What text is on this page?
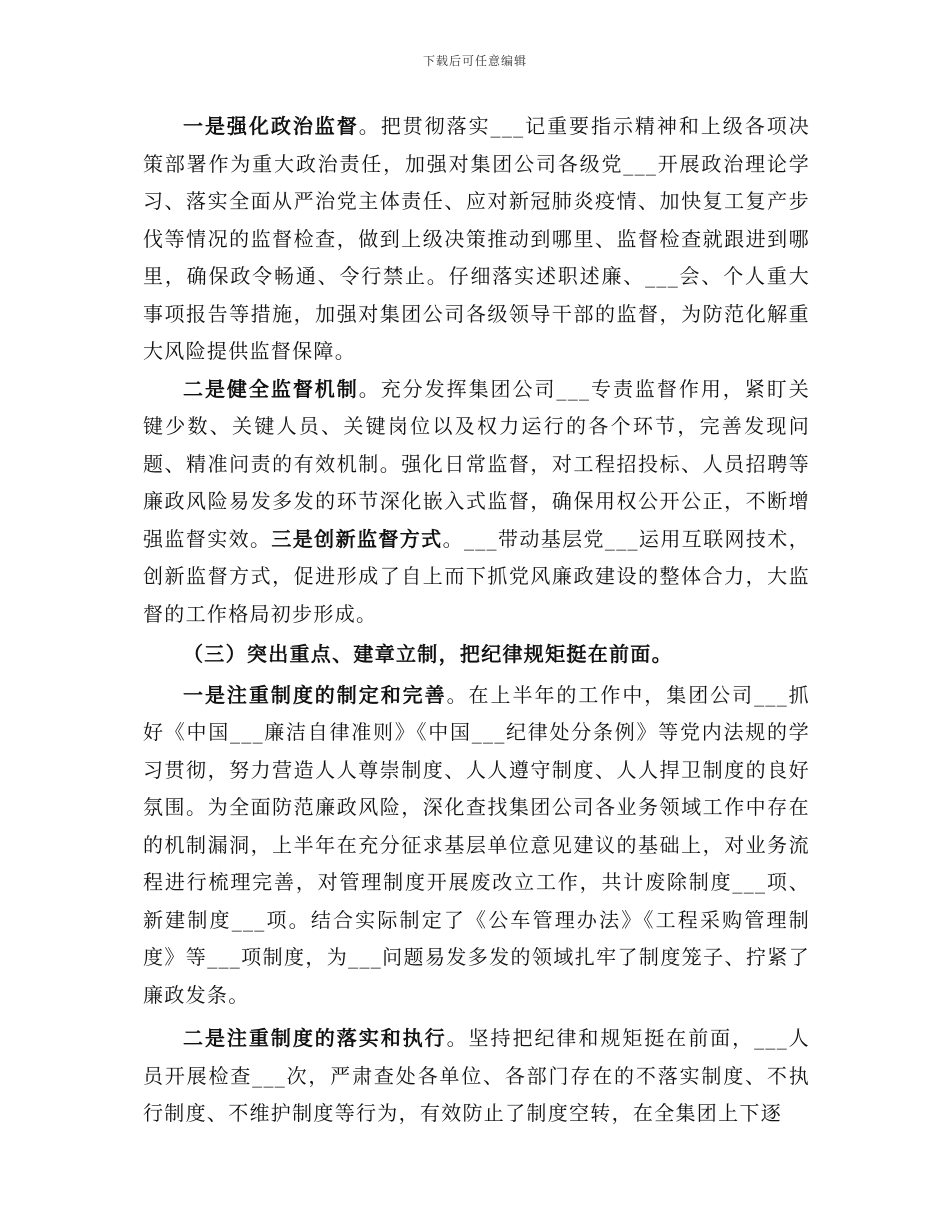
下载后可任意编辑

一是强化政治监督。把贯彻落实___记重要指示精神和上级各项决策部署作为重大政治责任，加强对集团公司各级党___开展政治理论学习、落实全面从严治党主体责任、应对新冠肺炎疫情、加快复工复产步伐等情况的监督检查，做到上级决策推动到哪里、监督检查就跟进到哪里，确保政令畅通、令行禁止。仔细落实述职述廉、___会、个人重大事项报告等措施，加强对集团公司各级领导干部的监督，为防范化解重大风险提供监督保障。

二是健全监督机制。充分发挥集团公司___专责监督作用，紧盯关键少数、关键人员、关键岗位以及权力运行的各个环节，完善发现问题、精准问责的有效机制。强化日常监督，对工程招投标、人员招聘等廉政风险易发多发的环节深化嵌入式监督，确保用权公开公正，不断增强监督实效。三是创新监督方式。___带动基层党___运用互联网技术，创新监督方式，促进形成了自上而下抓党风廉政建设的整体合力，大监督的工作格局初步形成。

（三）突出重点、建章立制，把纪律规矩挺在前面。

一是注重制度的制定和完善。在上半年的工作中，集团公司___抓好《中国___廉洁自律准则》《中国___纪律处分条例》等党内法规的学习贯彻，努力营造人人尊崇制度、人人遵守制度、人人捍卫制度的良好氛围。为全面防范廉政风险，深化查找集团公司各业务领域工作中存在的机制漏洞，上半年在充分征求基层单位意见建议的基础上，对业务流程进行梳理完善，对管理制度开展废改立工作，共计废除制度___项、新建制度___项。结合实际制定了《公车管理办法》《工程采购管理制度》等___项制度，为___问题易发多发的领域扎牢了制度笼子、拧紧了廉政发条。

二是注重制度的落实和执行。坚持把纪律和规矩挺在前面，___人员开展检查___次，严肃查处各单位、各部门存在的不落实制度、不执行制度、不维护制度等行为，有效防止了制度空转，在全集团上下逐
